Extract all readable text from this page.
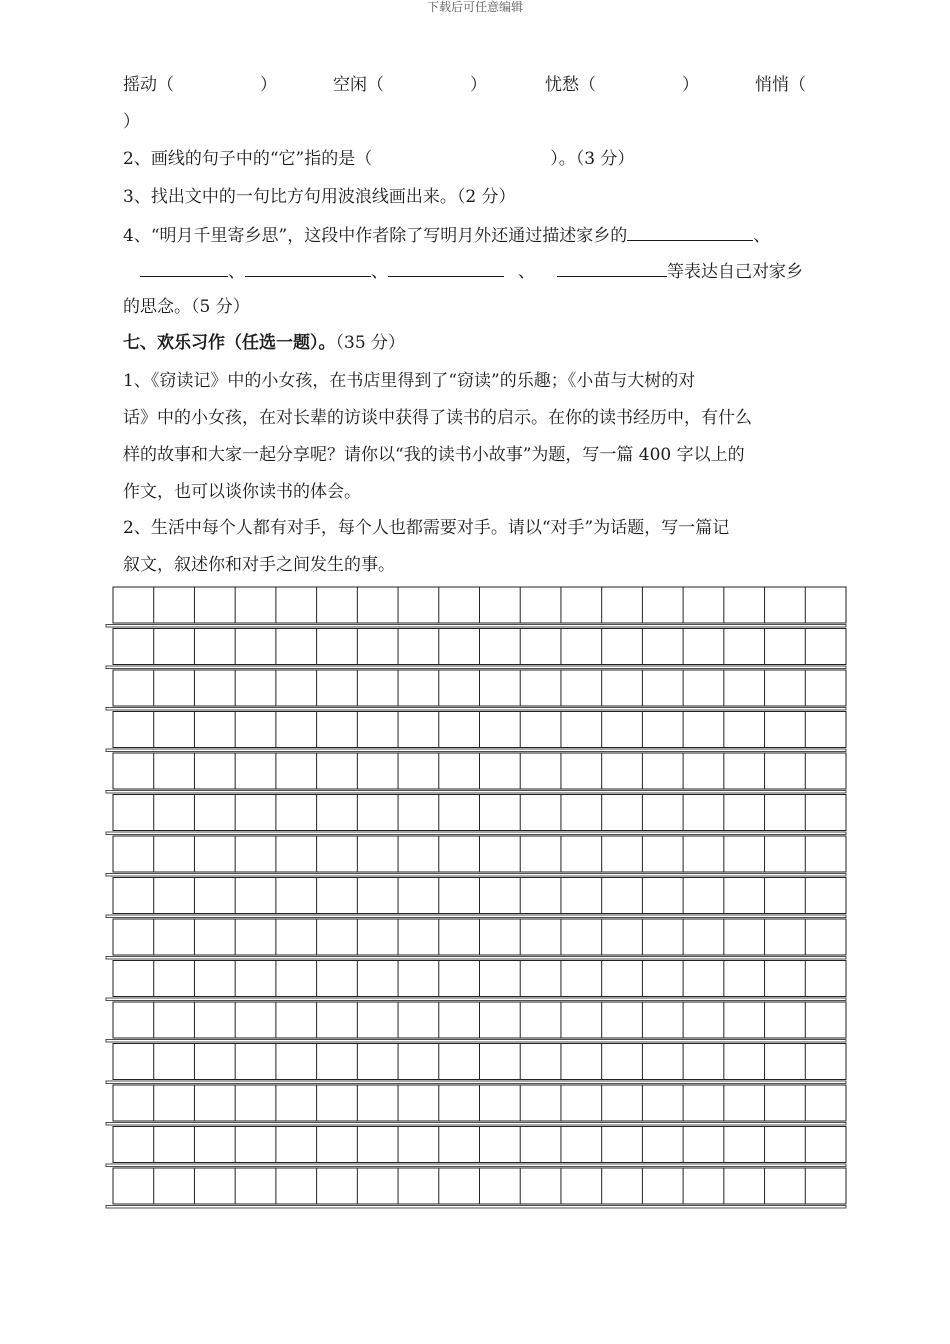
下载后可任意编辑
摇动（	）	空闲（	）	忧愁（	）	悄悄（
）
2、画线的句子中的“它”指的是（	）。（3 分）
3、找出文中的一句比方句用波浪线画出来。（2 分）
4、“明月千里寄乡思”，这段中作者除了写明月外还通过描述家乡的	、
、	、	、	等表达自己对家乡
的思念。（5 分）
七、欢乐习作（任选一题）。（35 分）
1、《窃读记》中的小女孩，在书店里得到了“窃读”的乐趣；《小苗与大树的对
话》中的小女孩，在对长辈的访谈中获得了读书的启示。在你的读书经历中，有什么
样的故事和大家一起分享呢？请你以“我的读书小故事”为题，写一篇 400 字以上的
作文，也可以谈你读书的体会。
2、生活中每个人都有对手，每个人也都需要对手。请以“对手”为话题，写一篇记
叙文，叙述你和对手之间发生的事。
